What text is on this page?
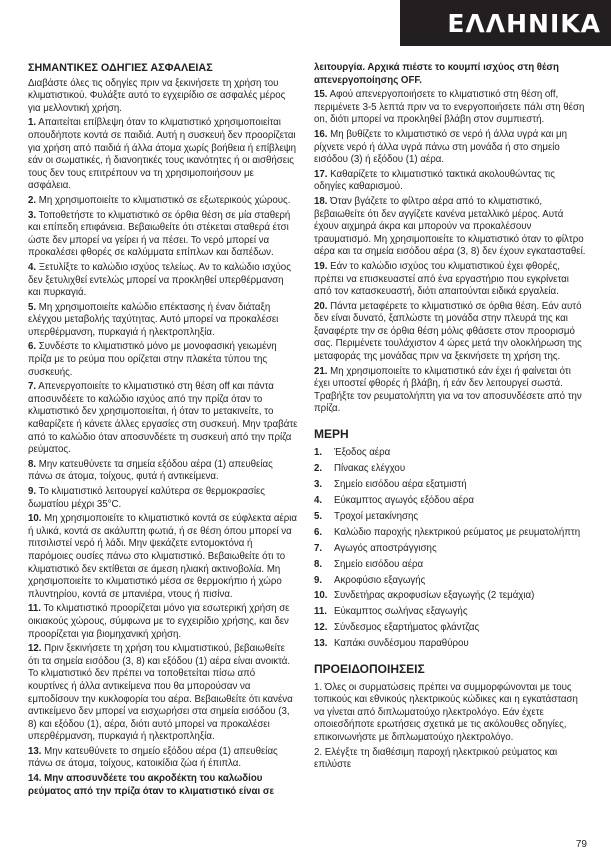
ΕΛΛΗΝΙΚΑ
ΣΗΜΑΝΤΙΚΕΣ ΟΔΗΓΙΕΣ ΑΣΦΑΛΕΙΑΣ

Διαβάστε όλες τις οδηγίες πριν να ξεκινήσετε τη χρήση του κλιματιστικού. Φυλάξτε αυτό το εγχειρίδιο σε ασφαλές μέρος για μελλοντική χρήση.

1. Απαιτείται επίβλεψη όταν το κλιματιστικό χρησιμοποιείται οπουδήποτε κοντά σε παιδιά. Αυτή η συσκευή δεν προορίζεται για χρήση από παιδιά ή άλλα άτομα χωρίς βοήθεια ή επίβλεψη εάν οι σωματικές, ή διανοητικές τους ικανότητες ή οι αισθήσεις τους δεν τους επιτρέπουν να τη χρησιμοποιήσουν με ασφάλεια.

2. Μη χρησιμοποιείτε το κλιματιστικό σε εξωτερικούς χώρους.

3. Τοποθετήστε το κλιματιστικό σε όρθια θέση σε μία σταθερή και επίπεδη επιφάνεια. Βεβαιωθείτε ότι στέκεται σταθερά έτσι ώστε δεν μπορεί να γείρει ή να πέσει. Το νερό μπορεί να προκαλέσει φθορές σε καλύμματα επίπλων και δαπέδων.

4. Ξετυλίξτε το καλώδιο ισχύος τελείως. Αν το καλώδιο ισχύος δεν ξετυλιχθεί εντελώς μπορεί να προκληθεί υπερθέρμανση και πυρκαγιά.

5. Μη χρησιμοποιείτε καλώδιο επέκτασης ή έναν διάταξη ελέγχου μεταβολής ταχύτητας. Αυτό μπορεί να προκαλέσει υπερθέρμανση, πυρκαγιά ή ηλεκτροπληξία.

6. Συνδέστε το κλιματιστικό μόνο με μονοφασική γειωμένη πρίζα με το ρεύμα που ορίζεται στην πλακέτα τύπου της συσκευής.

7. Απενεργοποιείτε το κλιματιστικό στη θέση off και πάντα αποσυνδέετε το καλώδιο ισχύος από την πρίζα όταν το κλιματιστικό δεν χρησιμοποιείται, ή όταν το μετακινείτε, το καθαρίζετε ή κάνετε άλλες εργασίες στη συσκευή. Μην τραβάτε από το καλώδιο όταν αποσυνδέετε τη συσκευή από την πρίζα ρεύματος.

8. Μην κατευθύνετε τα σημεία εξόδου αέρα (1) απευθείας πάνω σε άτομα, τοίχους, φυτά ή αντικείμενα.

9. Το κλιματιστικό λειτουργεί καλύτερα σε θερμοκρασίες δωματίου μέχρι 35°C.

10. Μη χρησιμοποιείτε το κλιματιστικό κοντά σε εύφλεκτα αέρια ή υλικά, κοντά σε ακάλυπτη φωτιά, ή σε θέση όπου μπορεί να πιτσιλιστεί νερό ή λάδι. Μην ψεκάζετε εντομοκτόνα ή παρόμοιες ουσίες πάνω στο κλιματιστικό. Βεβαιωθείτε ότι το κλιματιστικό δεν εκτίθεται σε άμεση ηλιακή ακτινοβολία. Μη χρησιμοποιείτε το κλιματιστικό μέσα σε θερμοκήπιο ή χώρο πλυντηρίου, κοντά σε μπανιέρα, ντους ή πισίνα.

11. Το κλιματιστικό προορίζεται μόνο για εσωτερική χρήση σε οικιακούς χώρους, σύμφωνα με το εγχειρίδιο χρήσης, και δεν προορίζεται για βιομηχανική χρήση.

12. Πριν ξεκινήσετε τη χρήση του κλιματιστικού, βεβαιωθείτε ότι τα σημεία εισόδου (3, 8) και εξόδου (1) αέρα είναι ανοικτά. Το κλιματιστικό δεν πρέπει να τοποθετείται πίσω από κουρτίνες ή άλλα αντικείμενα που θα μπορούσαν να εμποδίσουν την κυκλοφορία του αέρα. Βεβαιωθείτε ότι κανένα αντικείμενο δεν μπορεί να εισχωρήσει στα σημεία εισόδου (3, 8) και εξόδου (1), αέρα, διότι αυτό μπορεί να προκαλέσει υπερθέρμανση, πυρκαγιά ή ηλεκτροπληξία.

13. Μην κατευθύνετε το σημείο εξόδου αέρα (1) απευθείας πάνω σε άτομα, τοίχους, κατοικίδια ζώα ή έπιπλα.

14. Μην αποσυνδέετε του ακροδέκτη του καλωδίου ρεύματος από την πρίζα όταν το κλιματιστικό είναι σε

λειτουργία. Αρχικά πιέστε το κουμπί ισχύος στη θέση απενεργοποίησης OFF.

15. Αφού απενεργοποιήσετε το κλιματιστικό στη θέση off, περιμένετε 3-5 λεπτά πριν να το ενεργοποιήσετε πάλι στη θέση on, διότι μπορεί να προκληθεί βλάβη στον συμπιεστή.

16. Μη βυθίζετε το κλιματιστικό σε νερό ή άλλα υγρά και μη ρίχνετε νερό ή άλλα υγρά πάνω στη μονάδα ή στο σημείο εισόδου (3) ή εξόδου (1) αέρα.

17. Καθαρίζετε το κλιματιστικό τακτικά ακολουθώντας τις οδηγίες καθαρισμού.

18. Όταν βγάζετε το φίλτρο αέρα από το κλιματιστικό, βεβαιωθείτε ότι δεν αγγίζετε κανένα μεταλλικό μέρος. Αυτά έχουν αιχμηρά άκρα και μπορούν να προκαλέσουν τραυματισμό. Μη χρησιμοποιείτε το κλιματιστικό όταν το φίλτρο αέρα και τα σημεία εισόδου αέρα (3, 8) δεν έχουν εγκατασταθεί.

19. Εάν το καλώδιο ισχύος του κλιματιστικού έχει φθορές, πρέπει να επισκευαστεί από ένα εργαστήριο που εγκρίνεται από τον κατασκευαστή, διότι απαιτούνται ειδικά εργαλεία.

20. Πάντα μεταφέρετε το κλιματιστικό σε όρθια θέση. Εάν αυτό δεν είναι δυνατό, ξαπλώστε τη μονάδα στην πλευρά της και ξαναφέρτε την σε όρθια θέση μόλις φθάσετε στον προορισμό σας. Περιμένετε τουλάχιστον 4 ώρες μετά την ολοκλήρωση της μεταφοράς της μονάδας πριν να ξεκινήσετε τη χρήση της.

21. Μη χρησιμοποιείτε το κλιματιστικό εάν έχει ή φαίνεται ότι έχει υποστεί φθορές ή βλάβη, ή εάν δεν λειτουργεί σωστά. Τραβήξτε τον ρευματολήπτη για να τον αποσυνδέσετε από την πρίζα.

ΜΕΡΗ
1.	Έξοδος αέρα
2.	Πίνακας ελέγχου
3.	Σημείο εισόδου αέρα εξατμιστή
4.	Εύκαμπτος αγωγός εξόδου αέρα
5.	Τροχοί μετακίνησης
6.	Καλώδιο παροχής ηλεκτρικού ρεύματος με ρευματολήπτη
7.	Αγωγός αποστράγγισης
8.	Σημείο εισόδου αέρα
9.	Ακροφύσιο εξαγωγής
10. Συνδετήρας ακροφυσίων εξαγωγής (2 τεμάχια)
11. Εύκαμπτος σωλήνας εξαγωγής
12. Σύνδεσμος εξαρτήματος φλάντζας
13. Καπάκι συνδέσμου παραθύρου
ΠΡΟΕΙΔΟΠΟΙΗΣΕΙΣ

1. Όλες οι συρματώσεις πρέπει να συμμορφώνονται με τους τοπικούς και εθνικούς ηλεκτρικούς κώδικες και η εγκατάσταση να γίνεται από διπλωματούχο ηλεκτρολόγο. Εάν έχετε οποιεσδήποτε ερωτήσεις σχετικά με τις ακόλουθες οδηγίες, επικοινωνήστε με διπλωματούχο ηλεκτρολόγο.

2. Ελέγξτε τη διαθέσιμη παροχή ηλεκτρικού ρεύματος και επιλύστε

79
